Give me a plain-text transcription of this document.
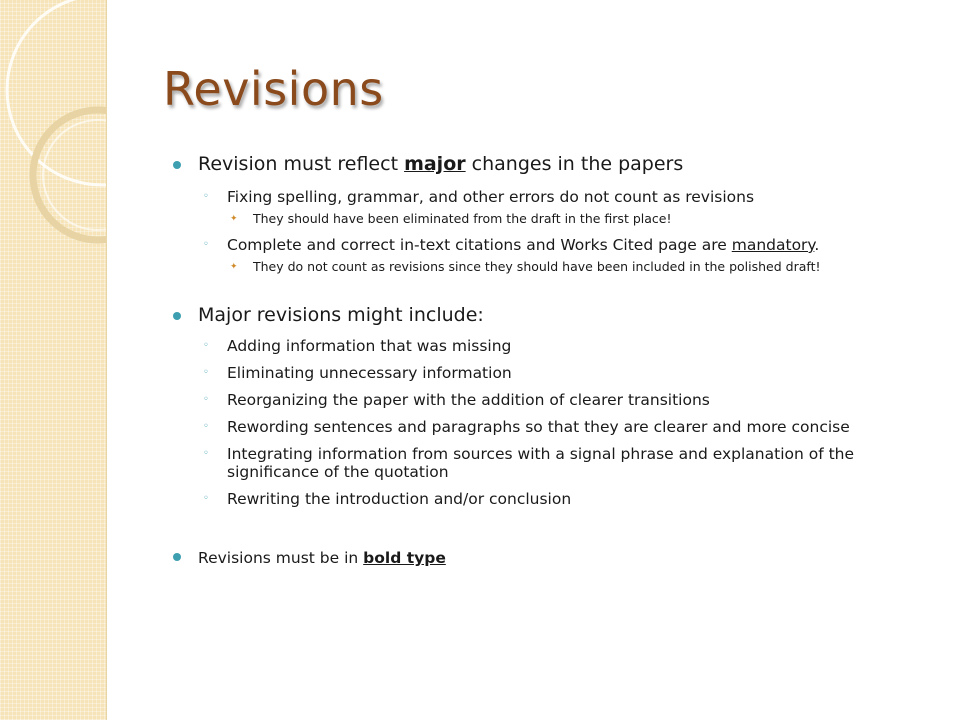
Revisions

Revision must reflect major changes in the papers

◦ Fixing spelling, grammar, and other errors do not count as revisions

✦ They should have been eliminated from the draft in the first place!

◦ Complete and correct in-text citations and Works Cited page are mandatory.

✦ They do not count as revisions since they should have been included in the polished draft!

Major revisions might include:

◦ Adding information that was missing

◦ Eliminating unnecessary information

◦ Reorganizing the paper with the addition of clearer transitions

◦ Rewording sentences and paragraphs so that they are clearer and more concise

◦ Integrating information from sources with a signal phrase and explanation of the significance of the quotation

◦ Rewriting the introduction and/or conclusion

Revisions must be in bold type
